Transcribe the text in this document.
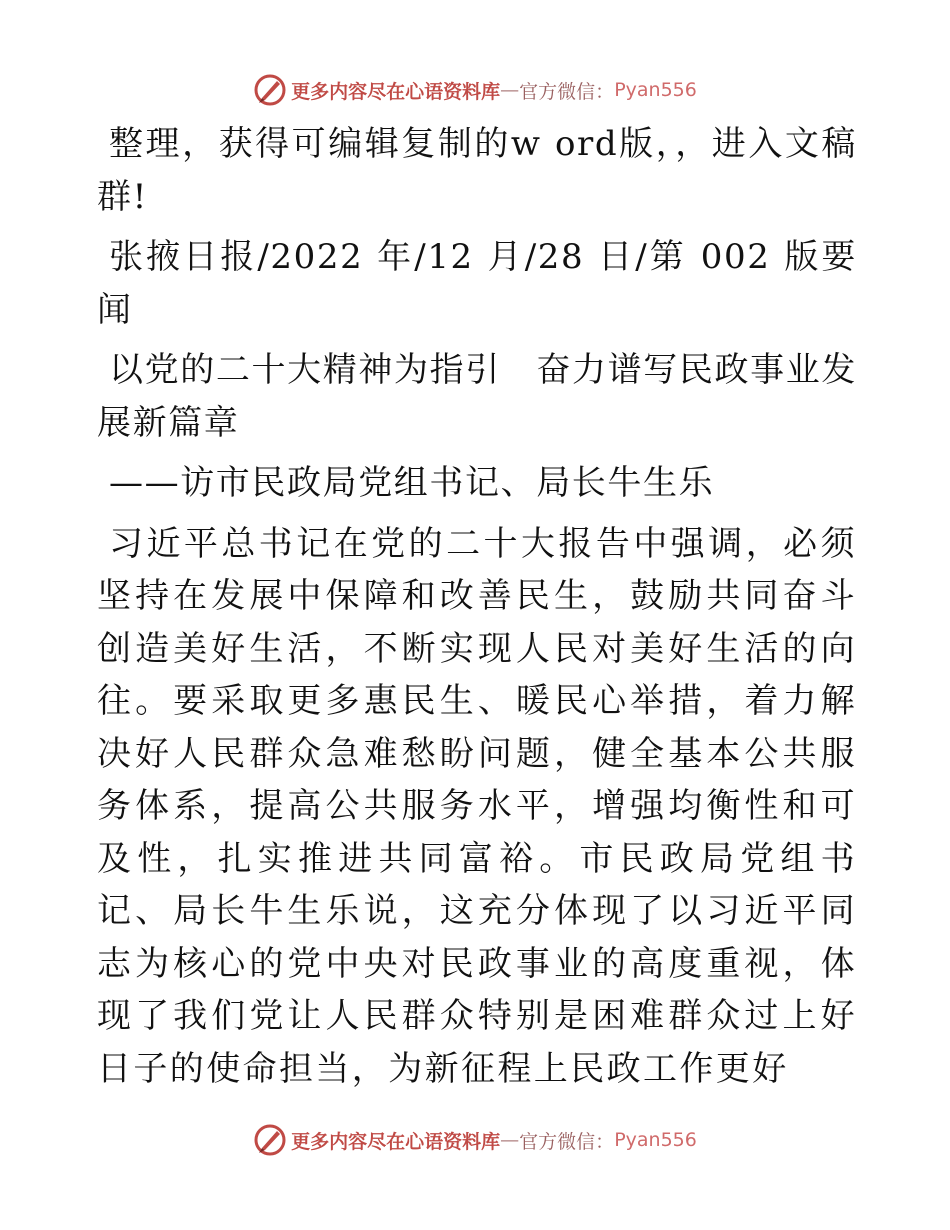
更多内容尽在心语资料库 — 官方微信： Pyan556

整理，获得可编辑复制的w ord版，，进入文稿群!

张掖日报/2022 年/12 月/28 日/第 002 版要闻

以党的二十大精神为指引　奋力谱写民政事业发展新篇章

——访市民政局党组书记、局长牛生乐

习近平总书记在党的二十大报告中强调，必须坚持在发展中保障和改善民生，鼓励共同奋斗创造美好生活，不断实现人民对美好生活的向往。要采取更多惠民生、暖民心举措，着力解决好人民群众急难愁盼问题，健全基本公共服务体系，提高公共服务水平，增强均衡性和可及性，扎实推进共同富裕。市民政局党组书记、局长牛生乐说，这充分体现了以习近平同志为核心的党中央对民政事业的高度重视，体现了我们党让人民群众特别是困难群众过上好日子的使命担当，为新征程上民政工作更好

更多内容尽在心语资料库 — 官方微信： Pyan556
